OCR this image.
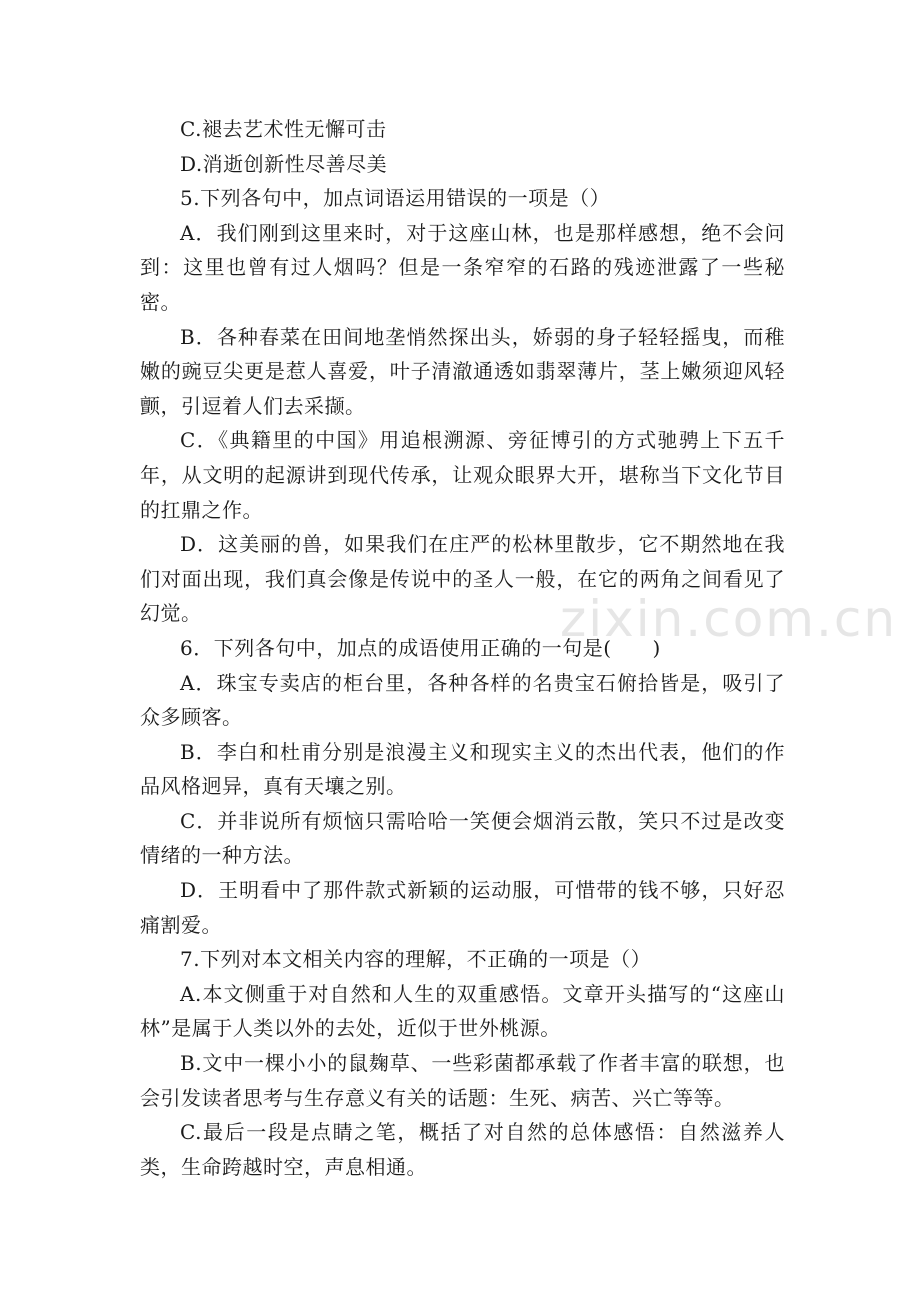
zixin.com.cn

C.褪去艺术性无懈可击

D.消逝创新性尽善尽美

5.下列各句中，加点词语运用错误的一项是（）

A．我们刚到这里来时，对于这座山林，也是那样感想，绝不会问到：这里也曾有过人烟吗？但是一条窄窄的石路的残迹泄露了一些秘密。

B．各种春菜在田间地垄悄然探出头，娇弱的身子轻轻摇曳，而稚嫩的豌豆尖更是惹人喜爱，叶子清澈通透如翡翠薄片，茎上嫩须迎风轻颤，引逗着人们去采撷。

C．《典籍里的中国》用追根溯源、旁征博引的方式驰骋上下五千年，从文明的起源讲到现代传承，让观众眼界大开，堪称当下文化节目的扛鼎之作。

D．这美丽的兽，如果我们在庄严的松林里散步，它不期然地在我们对面出现，我们真会像是传说中的圣人一般，在它的两角之间看见了幻觉。

6．下列各句中，加点的成语使用正确的一句是(　　)

A．珠宝专卖店的柜台里，各种各样的名贵宝石俯拾皆是，吸引了众多顾客。

B．李白和杜甫分别是浪漫主义和现实主义的杰出代表，他们的作品风格迥异，真有天壤之别。

C．并非说所有烦恼只需哈哈一笑便会烟消云散，笑只不过是改变情绪的一种方法。

D．王明看中了那件款式新颖的运动服，可惜带的钱不够，只好忍痛割爱。

7.下列对本文相关内容的理解，不正确的一项是（）

A.本文侧重于对自然和人生的双重感悟。文章开头描写的“这座山林”是属于人类以外的去处，近似于世外桃源。

B.文中一棵小小的鼠麹草、一些彩菌都承载了作者丰富的联想，也会引发读者思考与生存意义有关的话题：生死、病苦、兴亡等等。

C.最后一段是点睛之笔，概括了对自然的总体感悟：自然滋养人类，生命跨越时空，声息相通。
